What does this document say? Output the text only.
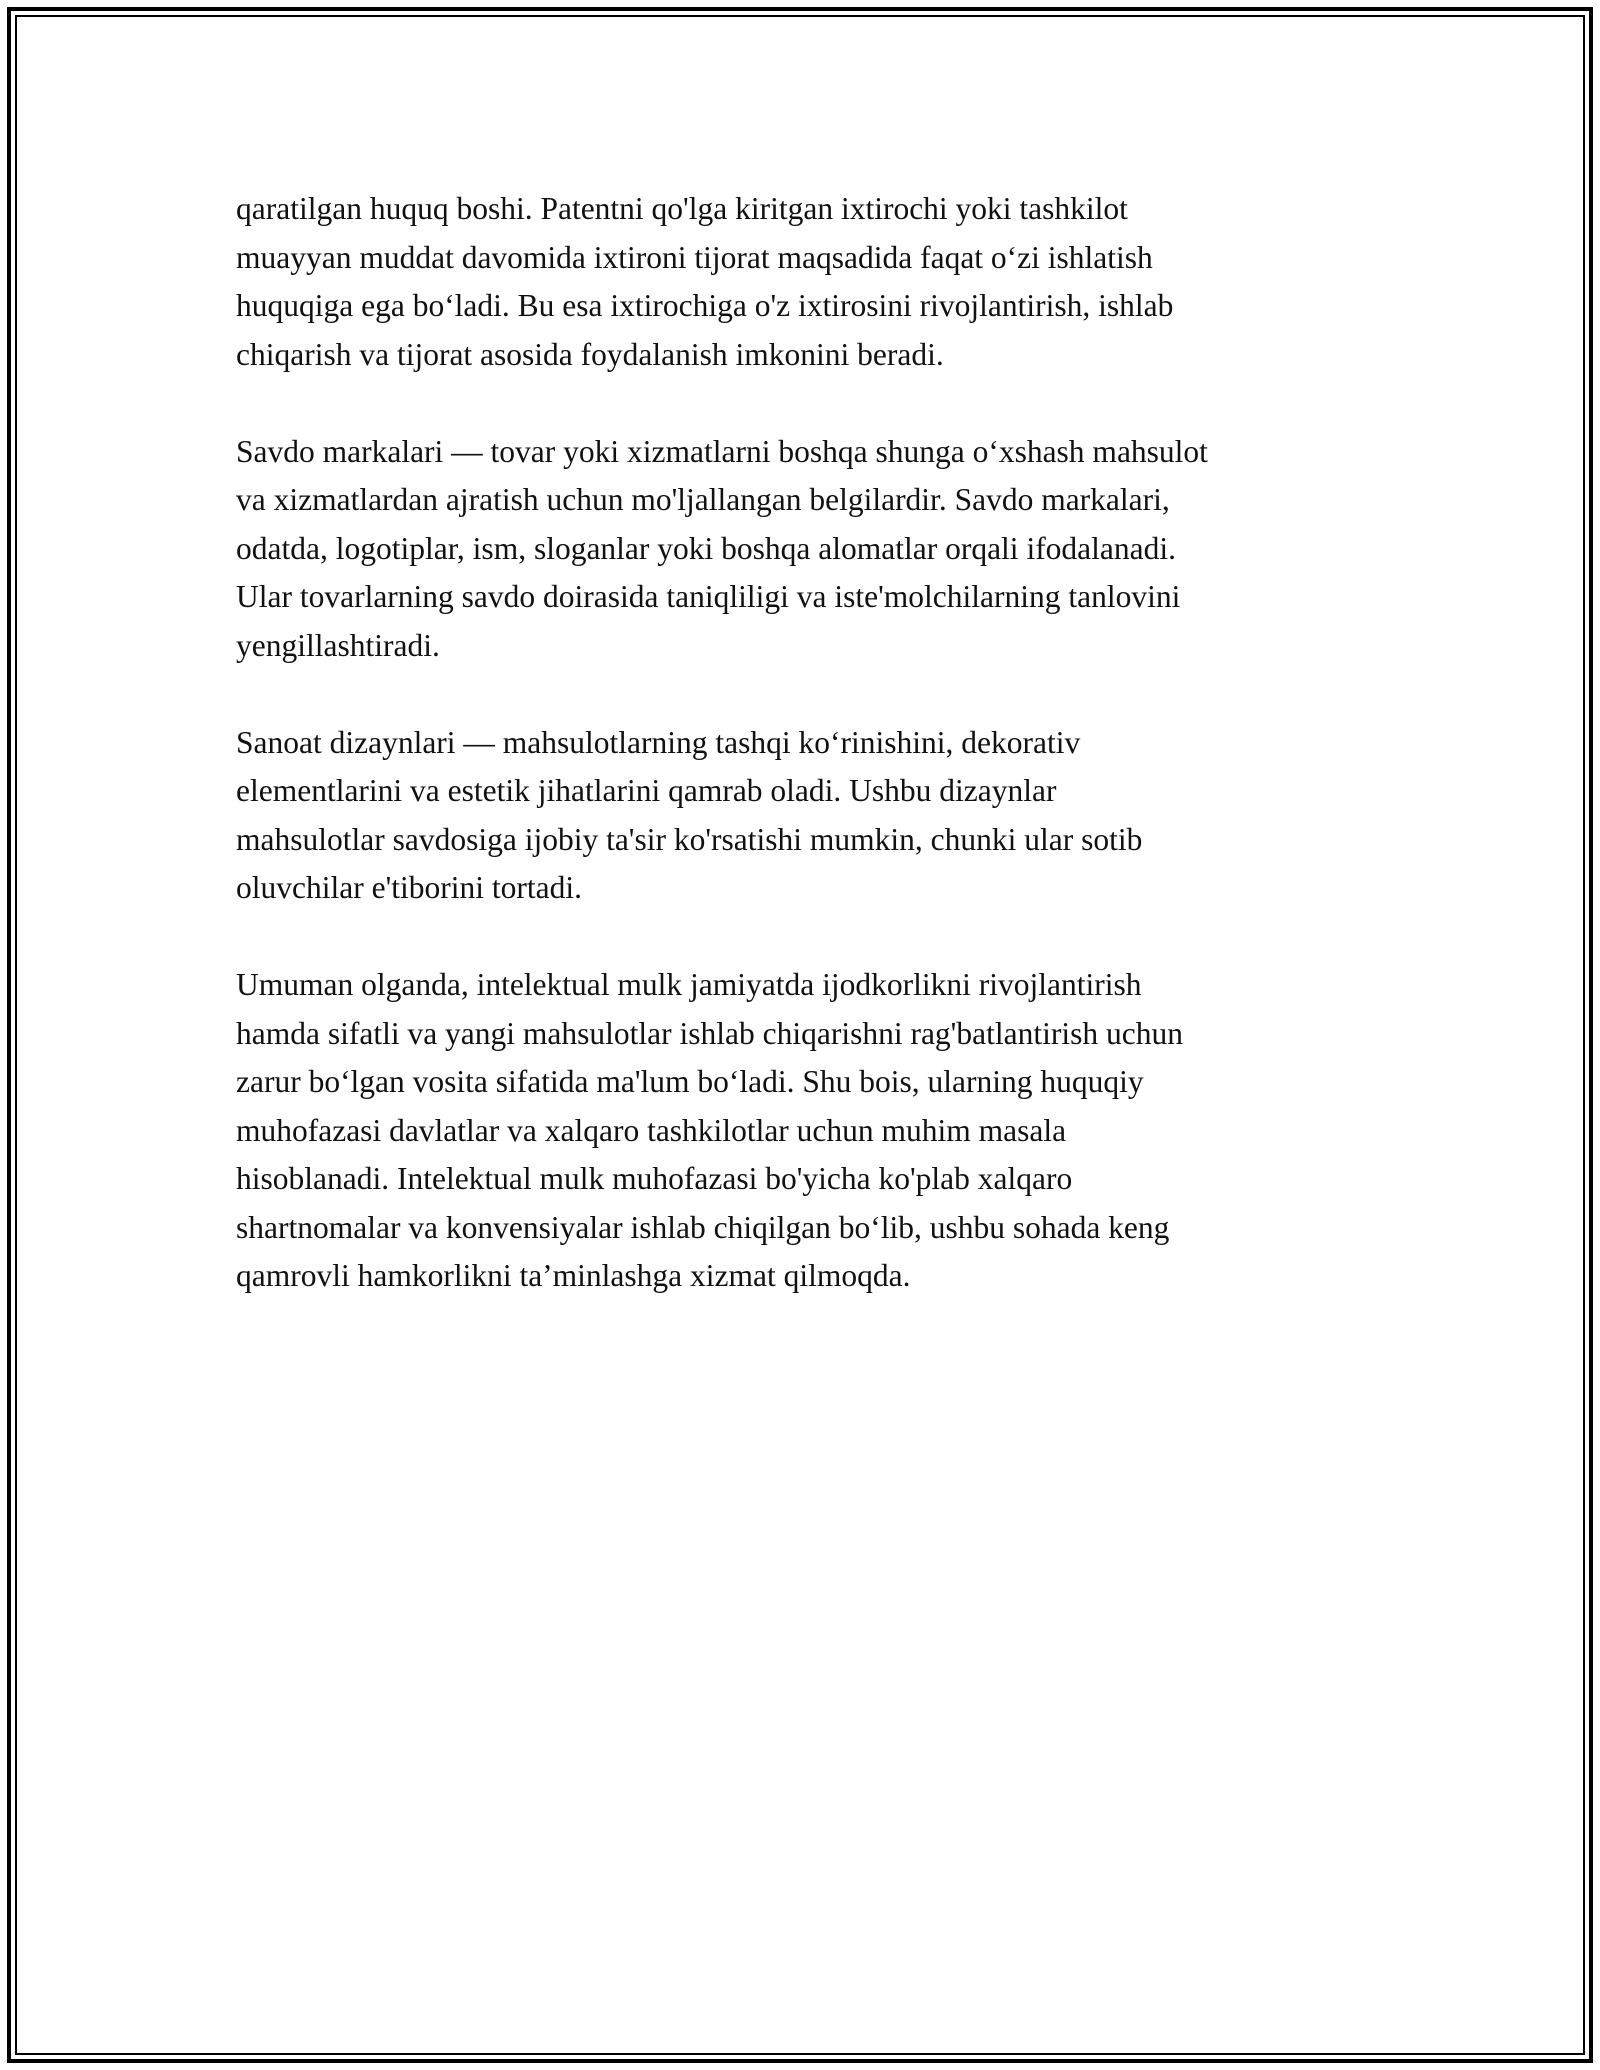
qaratilgan huquq boshi. Patentni qo'lga kiritgan ixtirochi yoki tashkilot
muayyan muddat davomida ixtironi tijorat maqsadida faqat o‘zi ishlatish
huquqiga ega bo‘ladi. Bu esa ixtirochiga o'z ixtirosini rivojlantirish, ishlab
chiqarish va tijorat asosida foydalanish imkonini beradi.

Savdo markalari — tovar yoki xizmatlarni boshqa shunga o‘xshash mahsulot
va xizmatlardan ajratish uchun mo'ljallangan belgilardir. Savdo markalari,
odatda, logotiplar, ism, sloganlar yoki boshqa alomatlar orqali ifodalanadi.
Ular tovarlarning savdo doirasida taniqliligi va iste'molchilarning tanlovini
yengillashtiradi.

Sanoat dizaynlari — mahsulotlarning tashqi ko‘rinishini, dekorativ
elementlarini va estetik jihatlarini qamrab oladi. Ushbu dizaynlar
mahsulotlar savdosiga ijobiy ta'sir ko'rsatishi mumkin, chunki ular sotib
oluvchilar e'tiborini tortadi.

Umuman olganda, intelektual mulk jamiyatda ijodkorlikni rivojlantirish
hamda sifatli va yangi mahsulotlar ishlab chiqarishni rag'batlantirish uchun
zarur bo‘lgan vosita sifatida ma'lum bo‘ladi. Shu bois, ularning huquqiy
muhofazasi davlatlar va xalqaro tashkilotlar uchun muhim masala
hisoblanadi. Intelektual mulk muhofazasi bo'yicha ko'plab xalqaro
shartnomalar va konvensiyalar ishlab chiqilgan bo‘lib, ushbu sohada keng
qamrovli hamkorlikni ta’minlashga xizmat qilmoqda.
